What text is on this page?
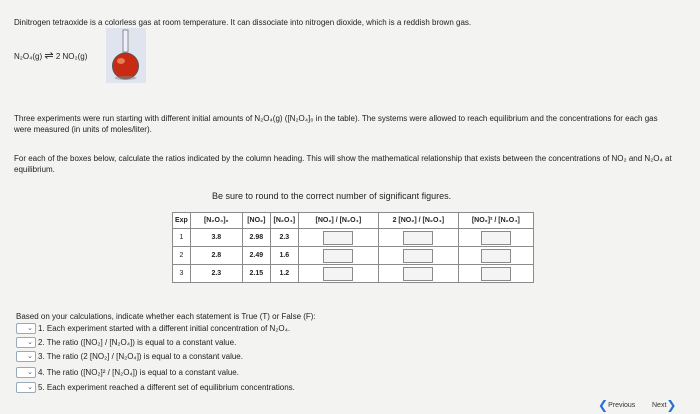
Dinitrogen tetraoxide is a colorless gas at room temperature. It can dissociate into nitrogen dioxide, which is a reddish brown gas.
N₂O₄(g) ⇌ 2 NO₂(g)
Three experiments were run starting with different initial amounts of N₂O₄(g) ([N₂O₄]₀ in the table). The systems were allowed to reach equilibrium and the concentrations for each gas were measured (in units of moles/liter).
For each of the boxes below, calculate the ratios indicated by the column heading. This will show the mathematical relationship that exists between the concentrations of NO₂ and N₂O₄ at equilibrium.
Be sure to round to the correct number of significant figures.
Exp	[N₂O₄]₀	[NO₂]	[N₂O₄]	[NO₂] / [N₂O₄]	2 [NO₂] / [N₂O₄]	[NO₂]² / [N₂O₄]
1	3.8	2.98	2.3			
2	2.8	2.49	1.6			
3	2.3	2.15	1.2			
Based on your calculations, indicate whether each statement is True (T) or False (F):
⌄ 1. Each experiment started with a different initial concentration of N₂O₄.
⌄ 2. The ratio ([NO₂] / [N₂O₄]) is equal to a constant value.
⌄ 3. The ratio (2 [NO₂] / [N₂O₄]) is equal to a constant value.
⌄ 4. The ratio ([NO₂]² / [N₂O₄]) is equal to a constant value.
⌄ 5. Each experiment reached a different set of equilibrium concentrations.
❮ Previous Next ❯
